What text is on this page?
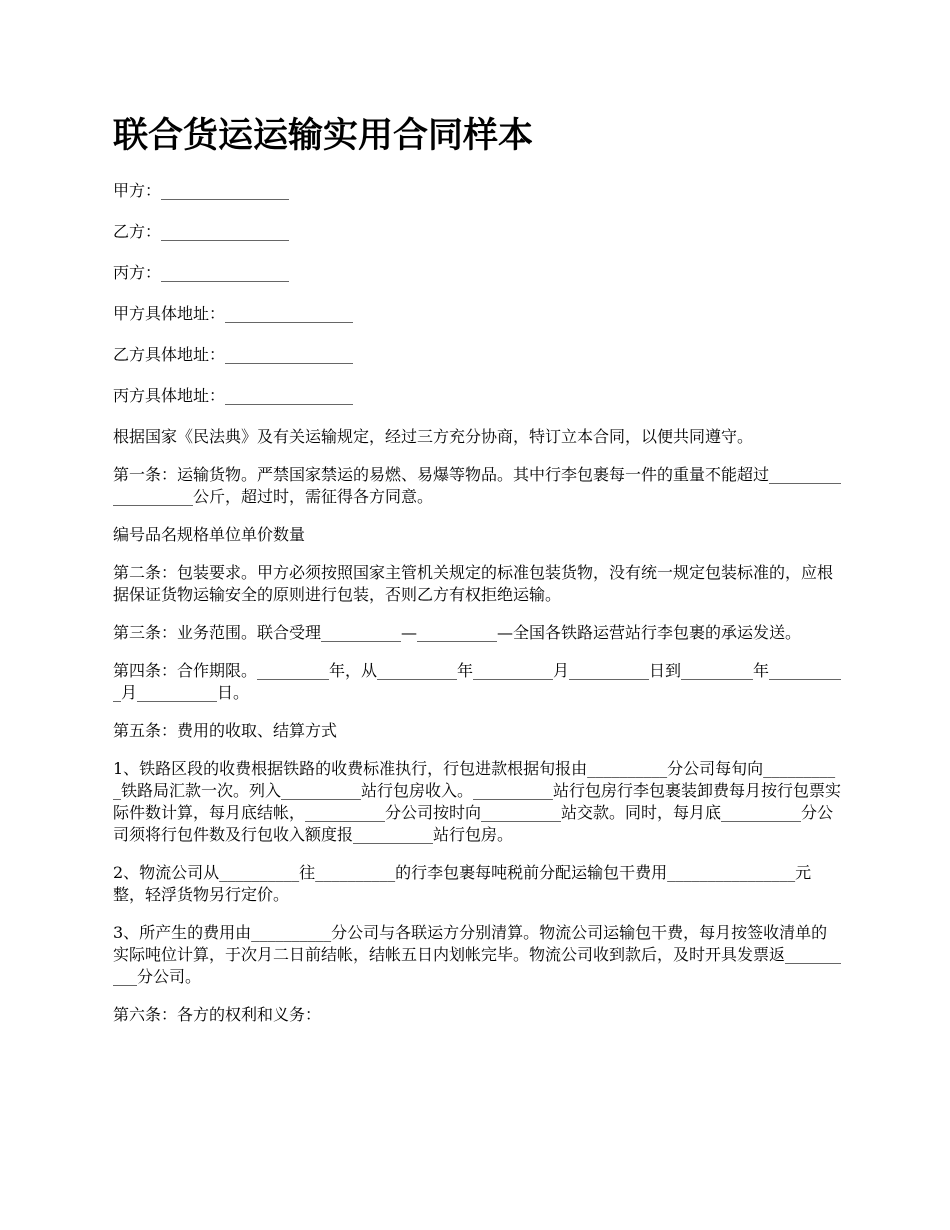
联合货运运输实用合同样本

甲方：________________

乙方：________________

丙方：________________

甲方具体地址：________________

乙方具体地址：________________

丙方具体地址：________________

根据国家《民法典》及有关运输规定，经过三方充分协商，特订立本合同，以便共同遵守。

第一条：运输货物。严禁国家禁运的易燃、易爆等物品。其中行李包裹每一件的重量不能超过___________________公斤，超过时，需征得各方同意。

编号品名规格单位单价数量

第二条：包装要求。甲方必须按照国家主管机关规定的标准包装货物，没有统一规定包装标准的，应根据保证货物运输安全的原则进行包装，否则乙方有权拒绝运输。

第三条：业务范围。联合受理__________—__________—全国各铁路运营站行李包裹的承运发送。

第四条：合作期限。_________年，从__________年__________月__________日到_________年__________月__________日。

第五条：费用的收取、结算方式

1、铁路区段的收费根据铁路的收费标准执行，行包进款根据旬报由__________分公司每旬向__________铁路局汇款一次。列入__________站行包房收入。__________站行包房行李包裹装卸费每月按行包票实际件数计算，每月底结帐，__________分公司按时向__________站交款。同时，每月底__________分公司须将行包件数及行包收入额度报__________站行包房。

2、物流公司从__________往__________的行李包裹每吨税前分配运输包干费用________________元整，轻浮货物另行定价。

3、所产生的费用由__________分公司与各联运方分别清算。物流公司运输包干费，每月按签收清单的实际吨位计算，于次月二日前结帐，结帐五日内划帐完毕。物流公司收到款后，及时开具发票返__________分公司。

第六条：各方的权利和义务：
